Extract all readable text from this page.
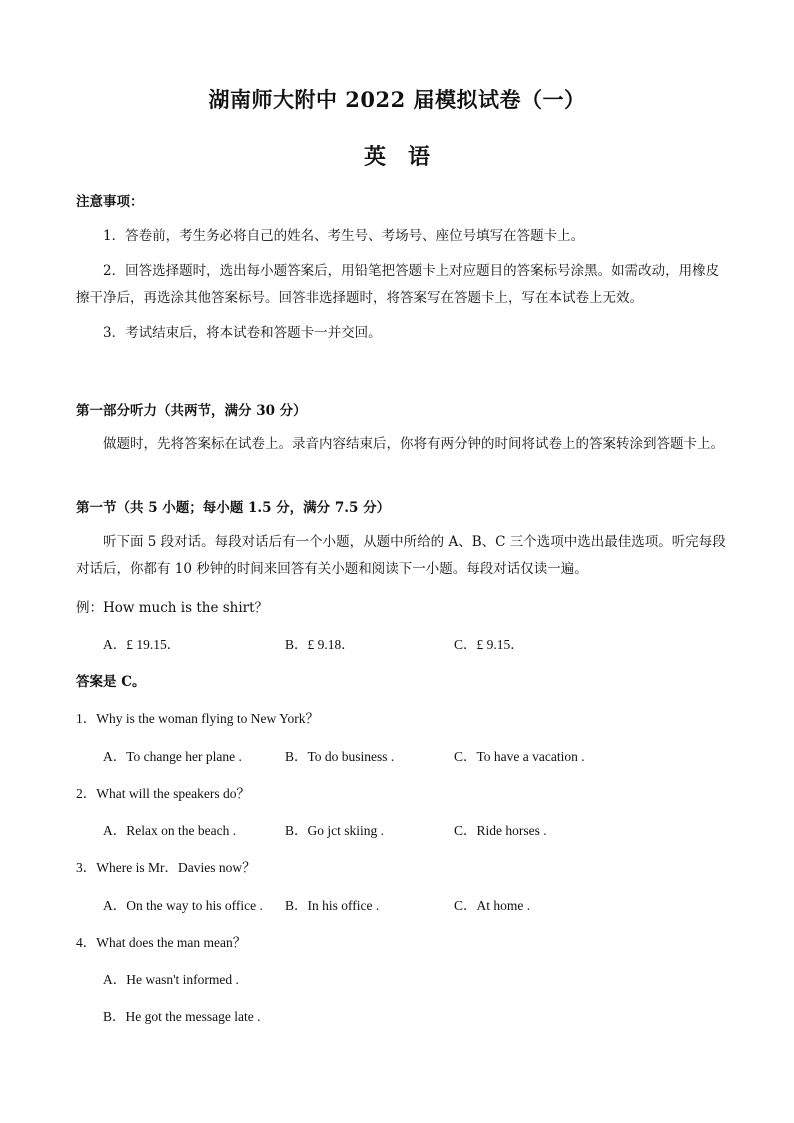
湖南师大附中 2022 届模拟试卷（一）
英 语
注意事项：
1．答卷前，考生务必将自己的姓名、考生号、考场号、座位号填写在答题卡上。
2．回答选择题时，选出每小题答案后，用铅笔把答题卡上对应题目的答案标号涂黑。如需改动，用橡皮擦干净后，再选涂其他答案标号。回答非选择题时，将答案写在答题卡上，写在本试卷上无效。
3．考试结束后，将本试卷和答题卡一并交回。
第一部分听力（共两节，满分 30 分）
做题时，先将答案标在试卷上。录音内容结束后，你将有两分钟的时间将试卷上的答案转涂到答题卡上。
第一节（共 5 小题；每小题 1.5 分，满分 7.5 分）
听下面 5 段对话。每段对话后有一个小题，从题中所给的 A、B、C 三个选项中选出最佳选项。听完每段对话后，你都有 10 秒钟的时间来回答有关小题和阅读下一小题。每段对话仅读一遍。
例：How much is the shirt？
A．£ 19.15．	B．£ 9.18．	C．£ 9.15．
答案是 C。
1．Why is the woman flying to New York？
A．To change her plane .	B．To do business .	C．To have a vacation .
2．What will the speakers do？
A．Relax on the beach .	B．Go jct skiing .	C．Ride horses .
3．Where is Mr．Davies now？
A．On the way to his office . B．In his office .	C．At home .
4．What does the man mean？
A．He wasn't informed .
B．He got the message late .
